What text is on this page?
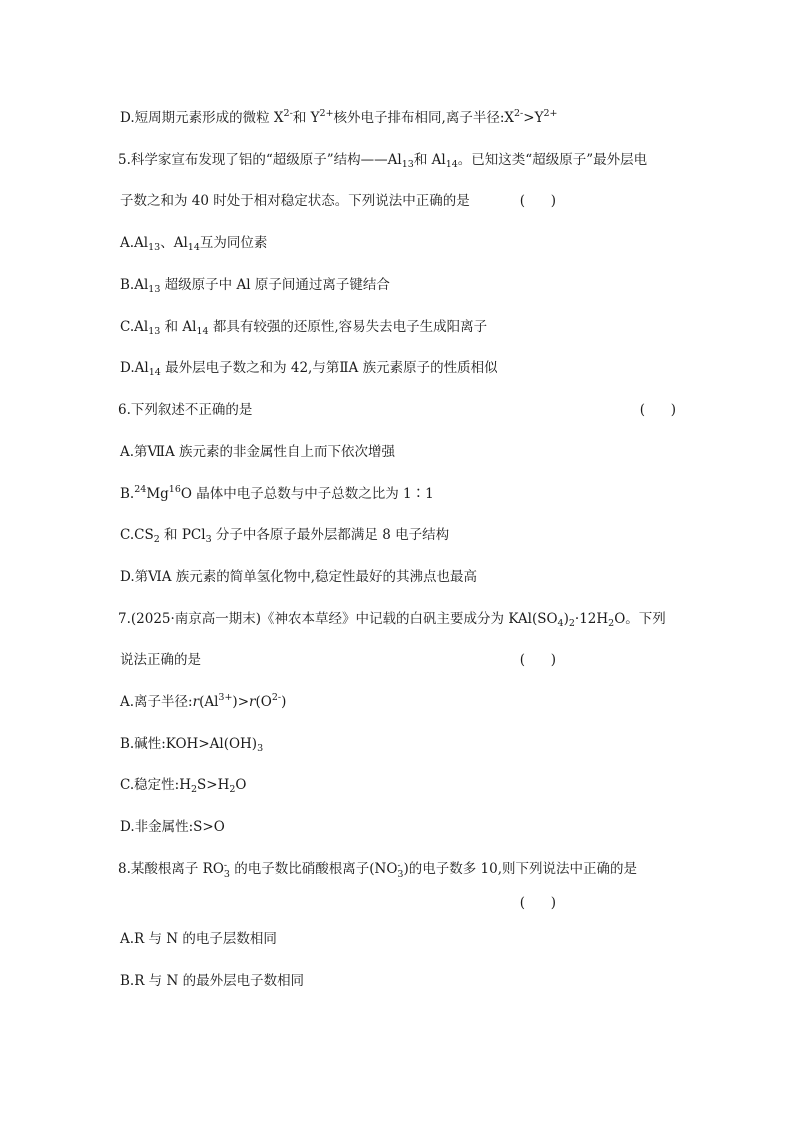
D.短周期元素形成的微粒 $X^{2-}$和 $Y^{2+}$核外电子排布相同,离子半径$:X^{2-}>Y^{2+}$
5.科学家宣布发现了铝的“超级原子”结构$——Al_{13}$和 $Al_{14}$。已知这类“超级原子”最外层电
子数之和为 40 时处于相对稳定状态。下列说法中正确的是	(      )
$A.Al_{13}$、$Al_{14}$互为同位素
$B.Al_{13}$ 超级原子中 Al 原子间通过离子键结合
$C.Al_{13}$ 和 $Al_{14}$ 都具有较强的还原性,容易失去电子生成阳离子
$D.Al_{14}$ 最外层电子数之和为 42,与第ⅡA 族元素原子的性质相似
6.下列叙述不正确的是	(      )
A.第ⅦA 族元素的非金属性自上而下依次增强
B.$^{24}$Mg$^{16}$O 晶体中电子总数与中子总数之比为 1∶1
$C.CS_2$ 和 PCl$_3$ 分子中各原子最外层都满足 8 电子结构
D.第ⅥA 族元素的简单氢化物中,稳定性最好的其沸点也最高
7.(2025·南京高一期末)《神农本草经》中记载的白矾主要成分为 $KAl(SO_4)_2\cdot 12H_2O$。下列
说法正确的是	(      )
A.离子半径$:r(Al^{3+})>r(O^{2-})$
B.碱性$:KOH>Al(OH)_3$
C.稳定性$:H_2S>H_2O$
D.非金属性:S>O
8.某酸根离子 RO -
3 的电子数比硝酸根离子(NO -
3 )的电子数多 10,则下列说法中正确的是
(      )
A.R 与 N 的电子层数相同
B.R 与 N 的最外层电子数相同
